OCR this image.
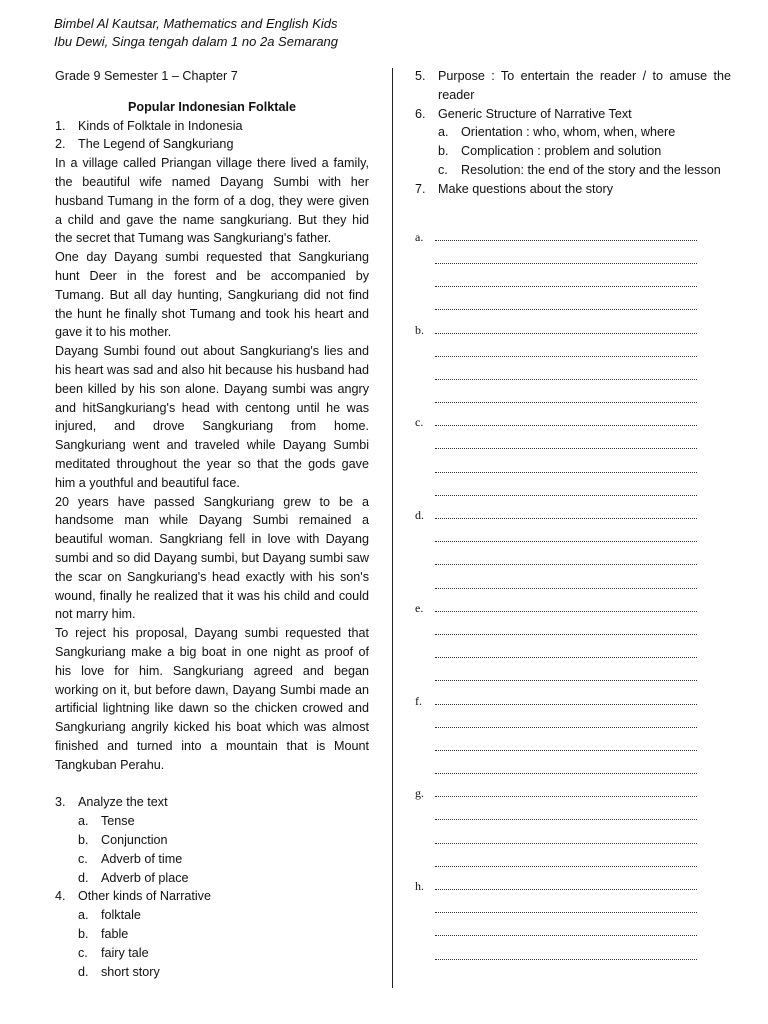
Bimbel Al Kautsar, Mathematics and English Kids
Ibu Dewi, Singa tengah dalam 1 no 2a Semarang

Grade 9 Semester 1 – Chapter 7

Popular Indonesian Folktale

1. Kinds of Folktale in Indonesia
2. The Legend of Sangkuriang

In a village called Priangan village there lived a family, the beautiful wife named Dayang Sumbi with her husband Tumang in the form of a dog, they were given a child and gave the name sangkuriang. But they hid the secret that Tumang was Sangkuriang's father.

One day Dayang sumbi requested that Sangkuriang hunt Deer in the forest and be accompanied by Tumang. But all day hunting, Sangkuriang did not find the hunt he finally shot Tumang and took his heart and gave it to his mother.

Dayang Sumbi found out about Sangkuriang's lies and his heart was sad and also hit because his husband had been killed by his son alone. Dayang sumbi was angry and hitSangkuriang's head with centong until he was injured, and drove Sangkuriang from home. Sangkuriang went and traveled while Dayang Sumbi meditated throughout the year so that the gods gave him a youthful and beautiful face.

20 years have passed Sangkuriang grew to be a handsome man while Dayang Sumbi remained a beautiful woman. Sangkriang fell in love with Dayang sumbi and so did Dayang sumbi, but Dayang sumbi saw the scar on Sangkuriang's head exactly with his son's wound, finally he realized that it was his child and could not marry him.

To reject his proposal, Dayang sumbi requested that Sangkuriang make a big boat in one night as proof of his love for him. Sangkuriang agreed and began working on it, but before dawn, Dayang Sumbi made an artificial lightning like dawn so the chicken crowed and Sangkuriang angrily kicked his boat which was almost finished and turned into a mountain that is Mount Tangkuban Perahu.

3. Analyze the text
a. Tense
b. Conjunction
c.	Adverb of time
d. Adverb of place
4. Other kinds of Narrative
a. folktale
b. fable
c.	fairy tale
d. short story
5. Purpose : To entertain the reader / to amuse the reader
6. Generic Structure of Narrative Text
a. Orientation : who, whom, when, where
b. Complication : problem and solution
c.	Resolution: the end of the story and the lesson
7. Make questions about the story
a.
b.
c.
d.
e.
f.
g.
h.
